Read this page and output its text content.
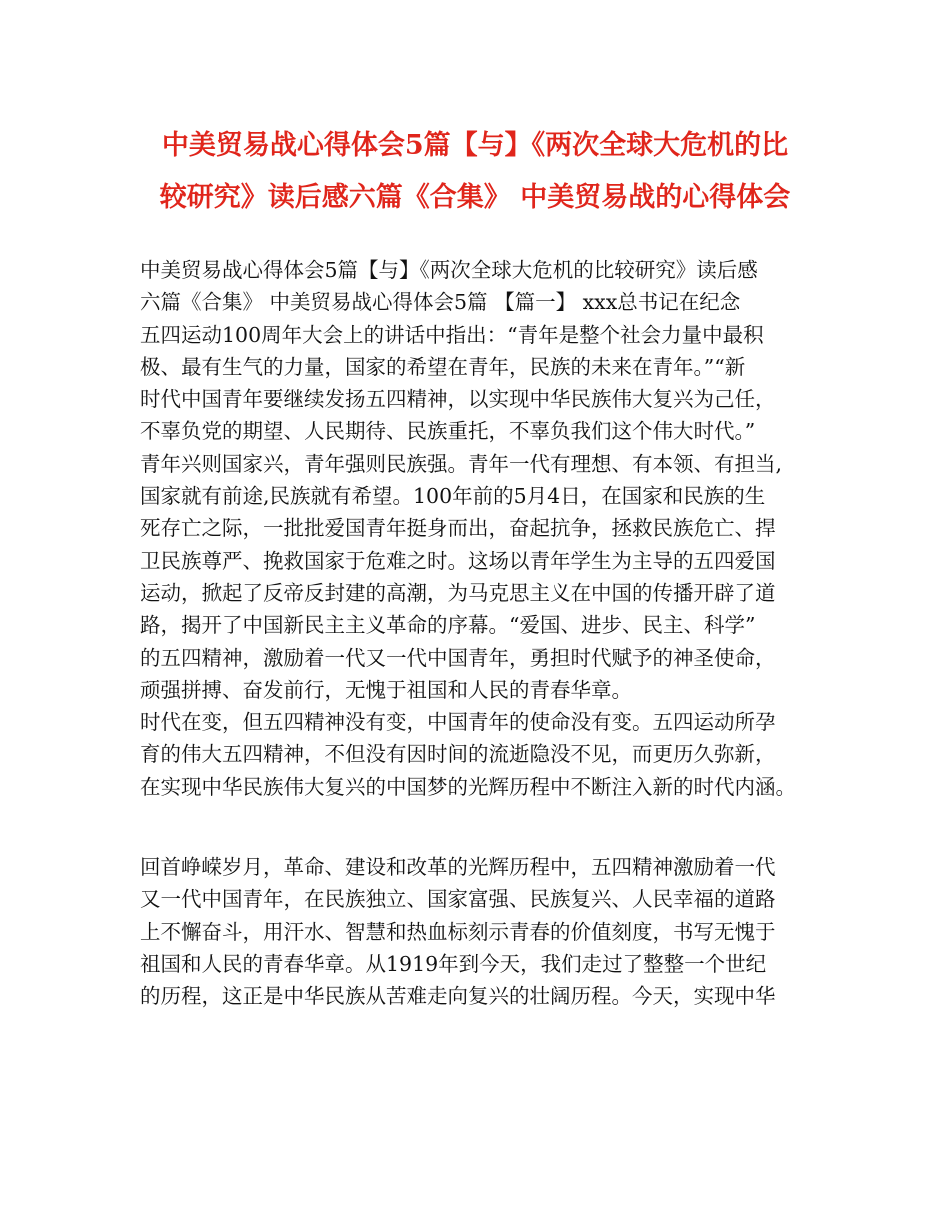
中美贸易战心得体会5篇【与】《两次全球大危机的比
较研究》读后感六篇《合集》 中美贸易战的心得体会
中美贸易战心得体会5篇【与】《两次全球大危机的比较研究》读后感
六篇《合集》 中美贸易战心得体会5篇 【篇一】 xxx总书记在纪念
五四运动100周年大会上的讲话中指出：“青年是整个社会力量中最积
极、最有生气的力量，国家的希望在青年，民族的未来在青年。”“新
时代中国青年要继续发扬五四精神，以实现中华民族伟大复兴为己任，
不辜负党的期望、人民期待、民族重托，不辜负我们这个伟大时代。”
青年兴则国家兴，青年强则民族强。青年一代有理想、有本领、有担当,
国家就有前途,民族就有希望。100年前的5月4日，在国家和民族的生
死存亡之际，一批批爱国青年挺身而出，奋起抗争，拯救民族危亡、捍
卫民族尊严、挽救国家于危难之时。这场以青年学生为主导的五四爱国
运动，掀起了反帝反封建的高潮，为马克思主义在中国的传播开辟了道
路，揭开了中国新民主主义革命的序幕。“爱国、进步、民主、科学”
的五四精神，激励着一代又一代中国青年，勇担时代赋予的神圣使命，
顽强拼搏、奋发前行，无愧于祖国和人民的青春华章。
时代在变，但五四精神没有变，中国青年的使命没有变。五四运动所孕
育的伟大五四精神，不但没有因时间的流逝隐没不见，而更历久弥新，
在实现中华民族伟大复兴的中国梦的光辉历程中不断注入新的时代内涵。
回首峥嵘岁月，革命、建设和改革的光辉历程中，五四精神激励着一代
又一代中国青年，在民族独立、国家富强、民族复兴、人民幸福的道路
上不懈奋斗，用汗水、智慧和热血标刻示青春的价值刻度，书写无愧于
祖国和人民的青春华章。从1919年到今天，我们走过了整整一个世纪
的历程，这正是中华民族从苦难走向复兴的壮阔历程。今天，实现中华
